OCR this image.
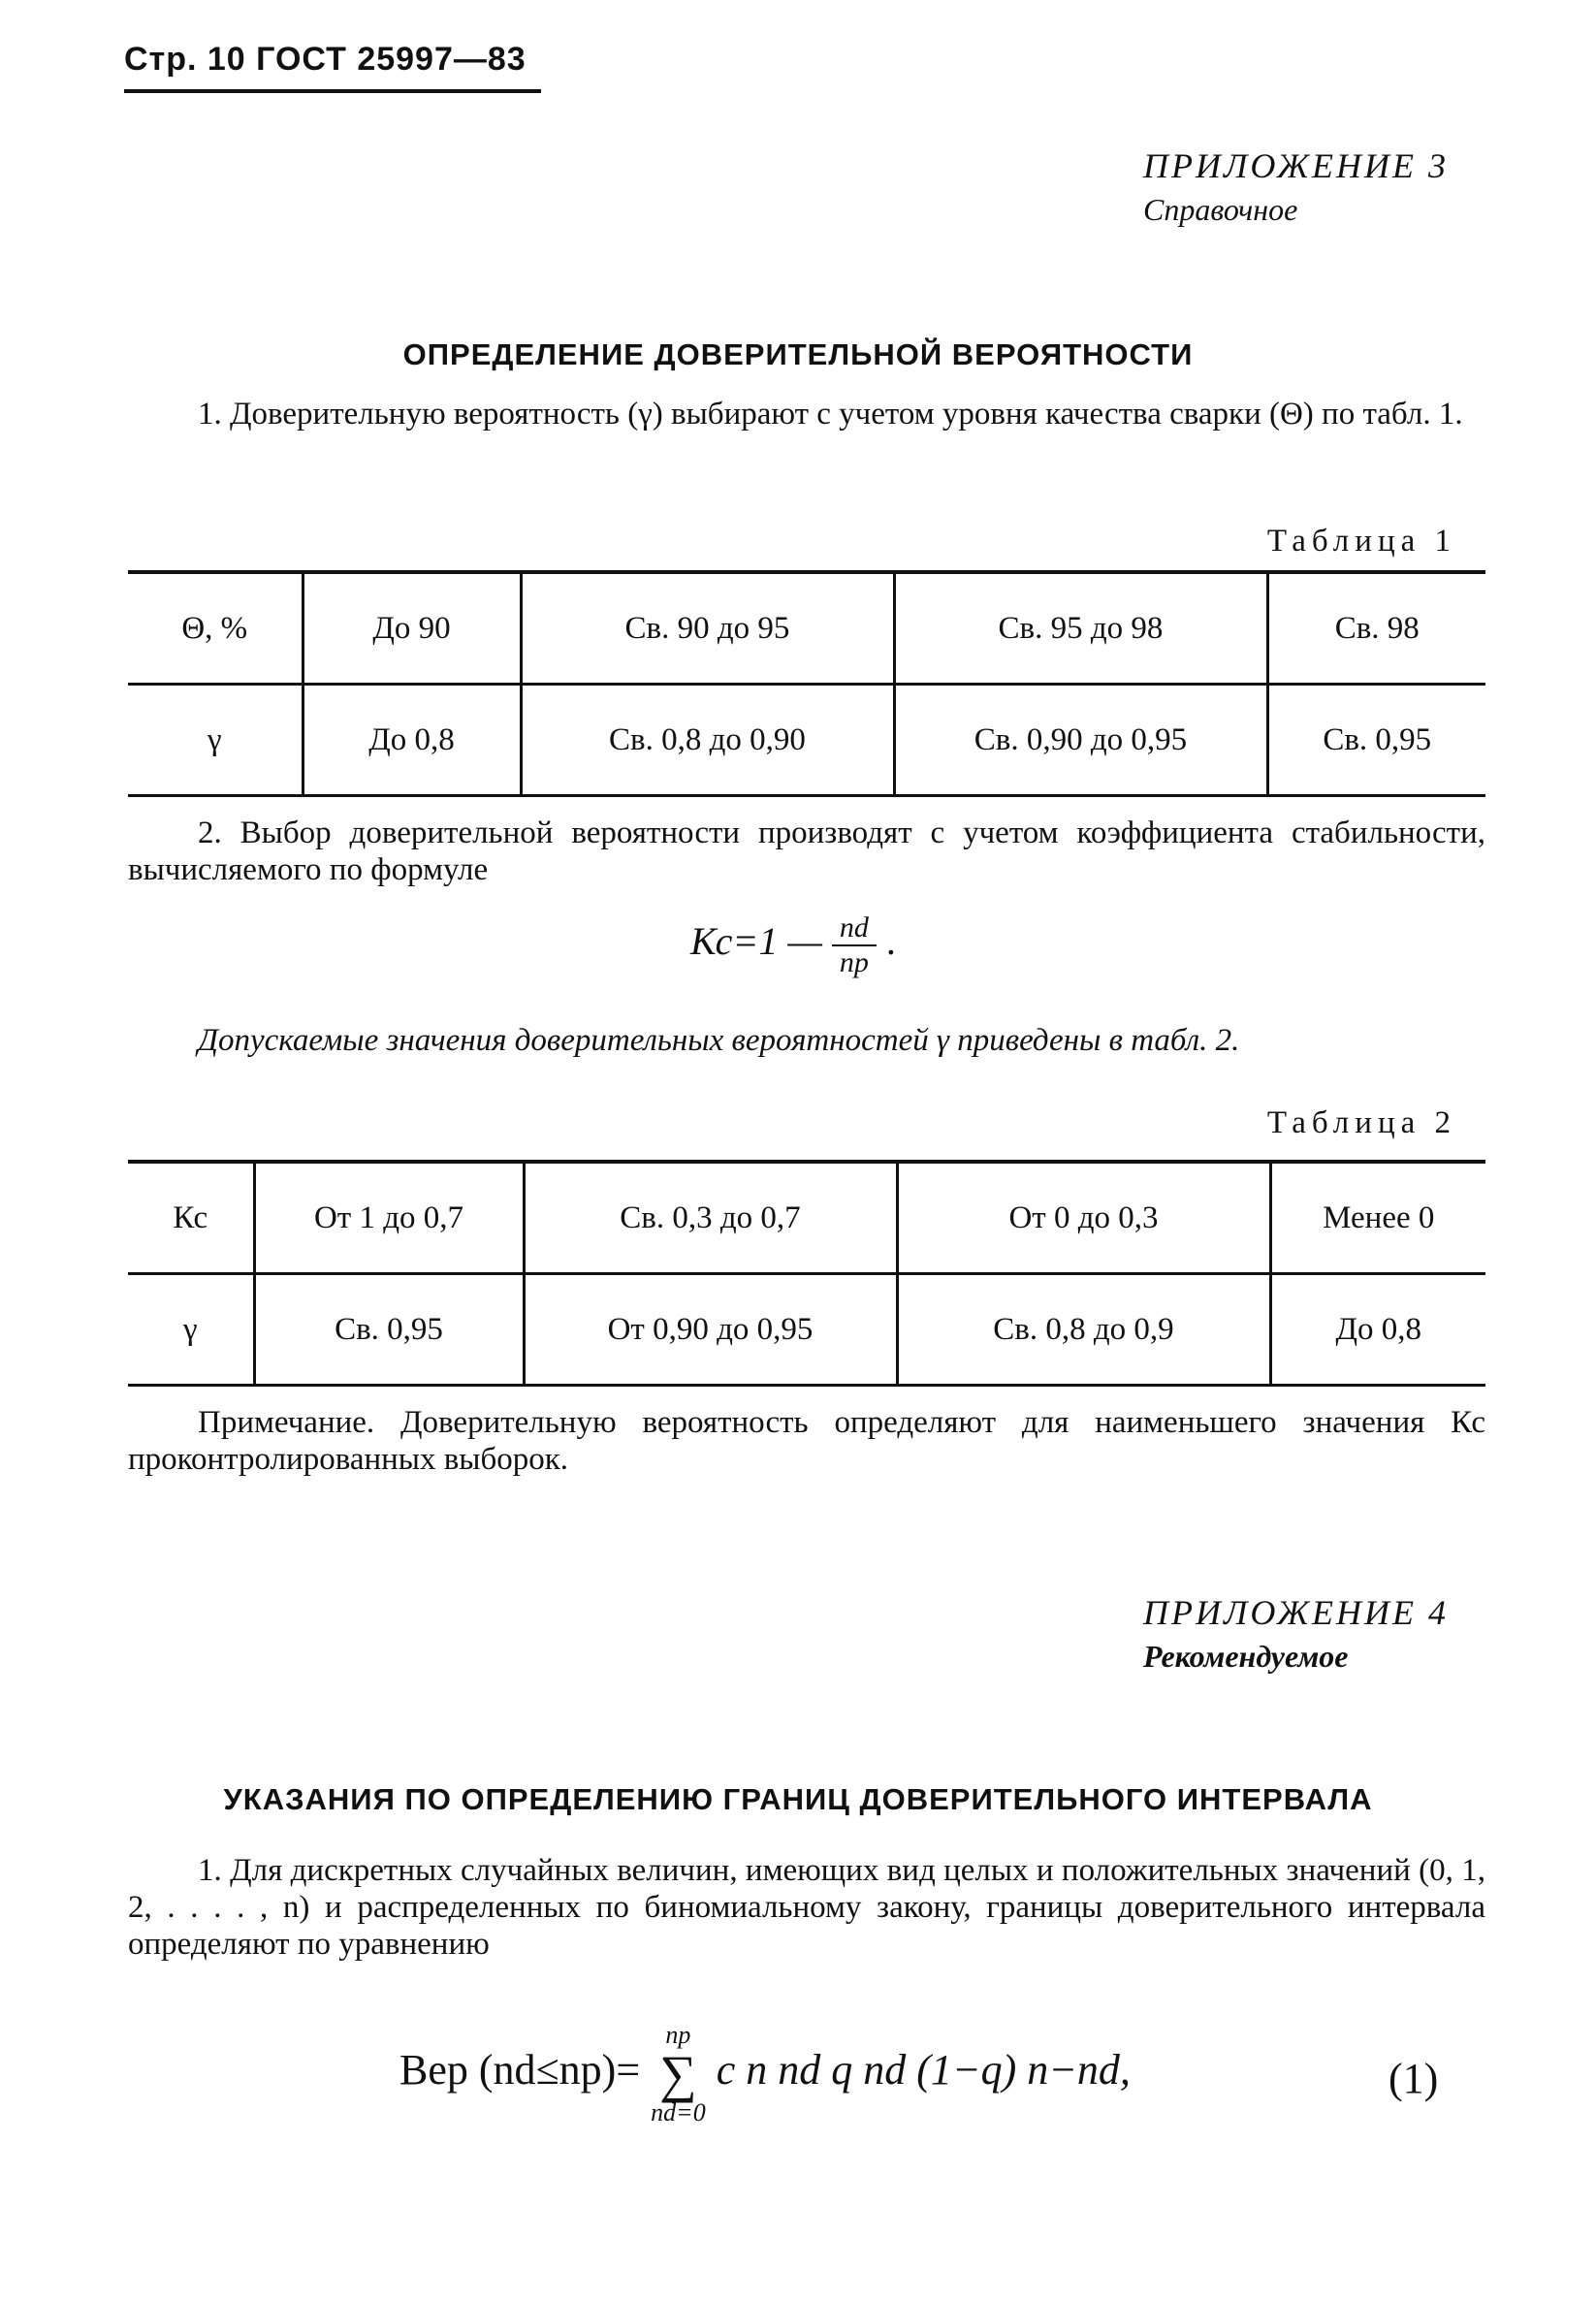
Стр. 10 ГОСТ 25997—83
ПРИЛОЖЕНИЕ 3
Справочное
ОПРЕДЕЛЕНИЕ ДОВЕРИТЕЛЬНОЙ ВЕРОЯТНОСТИ
1. Доверительную вероятность (γ) выбирают с учетом уровня качества сварки (Θ) по табл. 1.
Таблица 1
Θ, %	До 90	Св. 90 до 95	Св. 95 до 98	Св. 98
γ	До 0,8	Св. 0,8 до 0,90	Св. 0,90 до 0,95	Св. 0,95
2. Выбор доверительной вероятности производят с учетом коэффициента стабильности, вычисляемого по формуле
Кс=1 — $\frac{nd}{np}$ .
Допускаемые значения доверительных вероятностей γ приведены в табл. 2.
Таблица 2
Кс	От 1 до 0,7	Св. 0,3 до 0,7	От 0 до 0,3	Менее 0
γ	Св. 0,95	От 0,90 до 0,95	Св. 0,8 до 0,9	До 0,8
Примечание. Доверительную вероятность определяют для наименьшего значения Кс проконтролированных выборок.
ПРИЛОЖЕНИЕ 4
Рекомендуемое
УКАЗАНИЯ ПО ОПРЕДЕЛЕНИЮ ГРАНИЦ ДОВЕРИТЕЛЬНОГО ИНТЕРВАЛА
1. Для дискретных случайных величин, имеющих вид целых и положительных значений (0, 1, 2, . . . . , n) и распределенных по биномиальному закону, границы доверительного интервала определяют по уравнению
Вер (nd≤np)=
np
∑
nd=0
c n nd q nd (1−q) n−nd,	(1)
